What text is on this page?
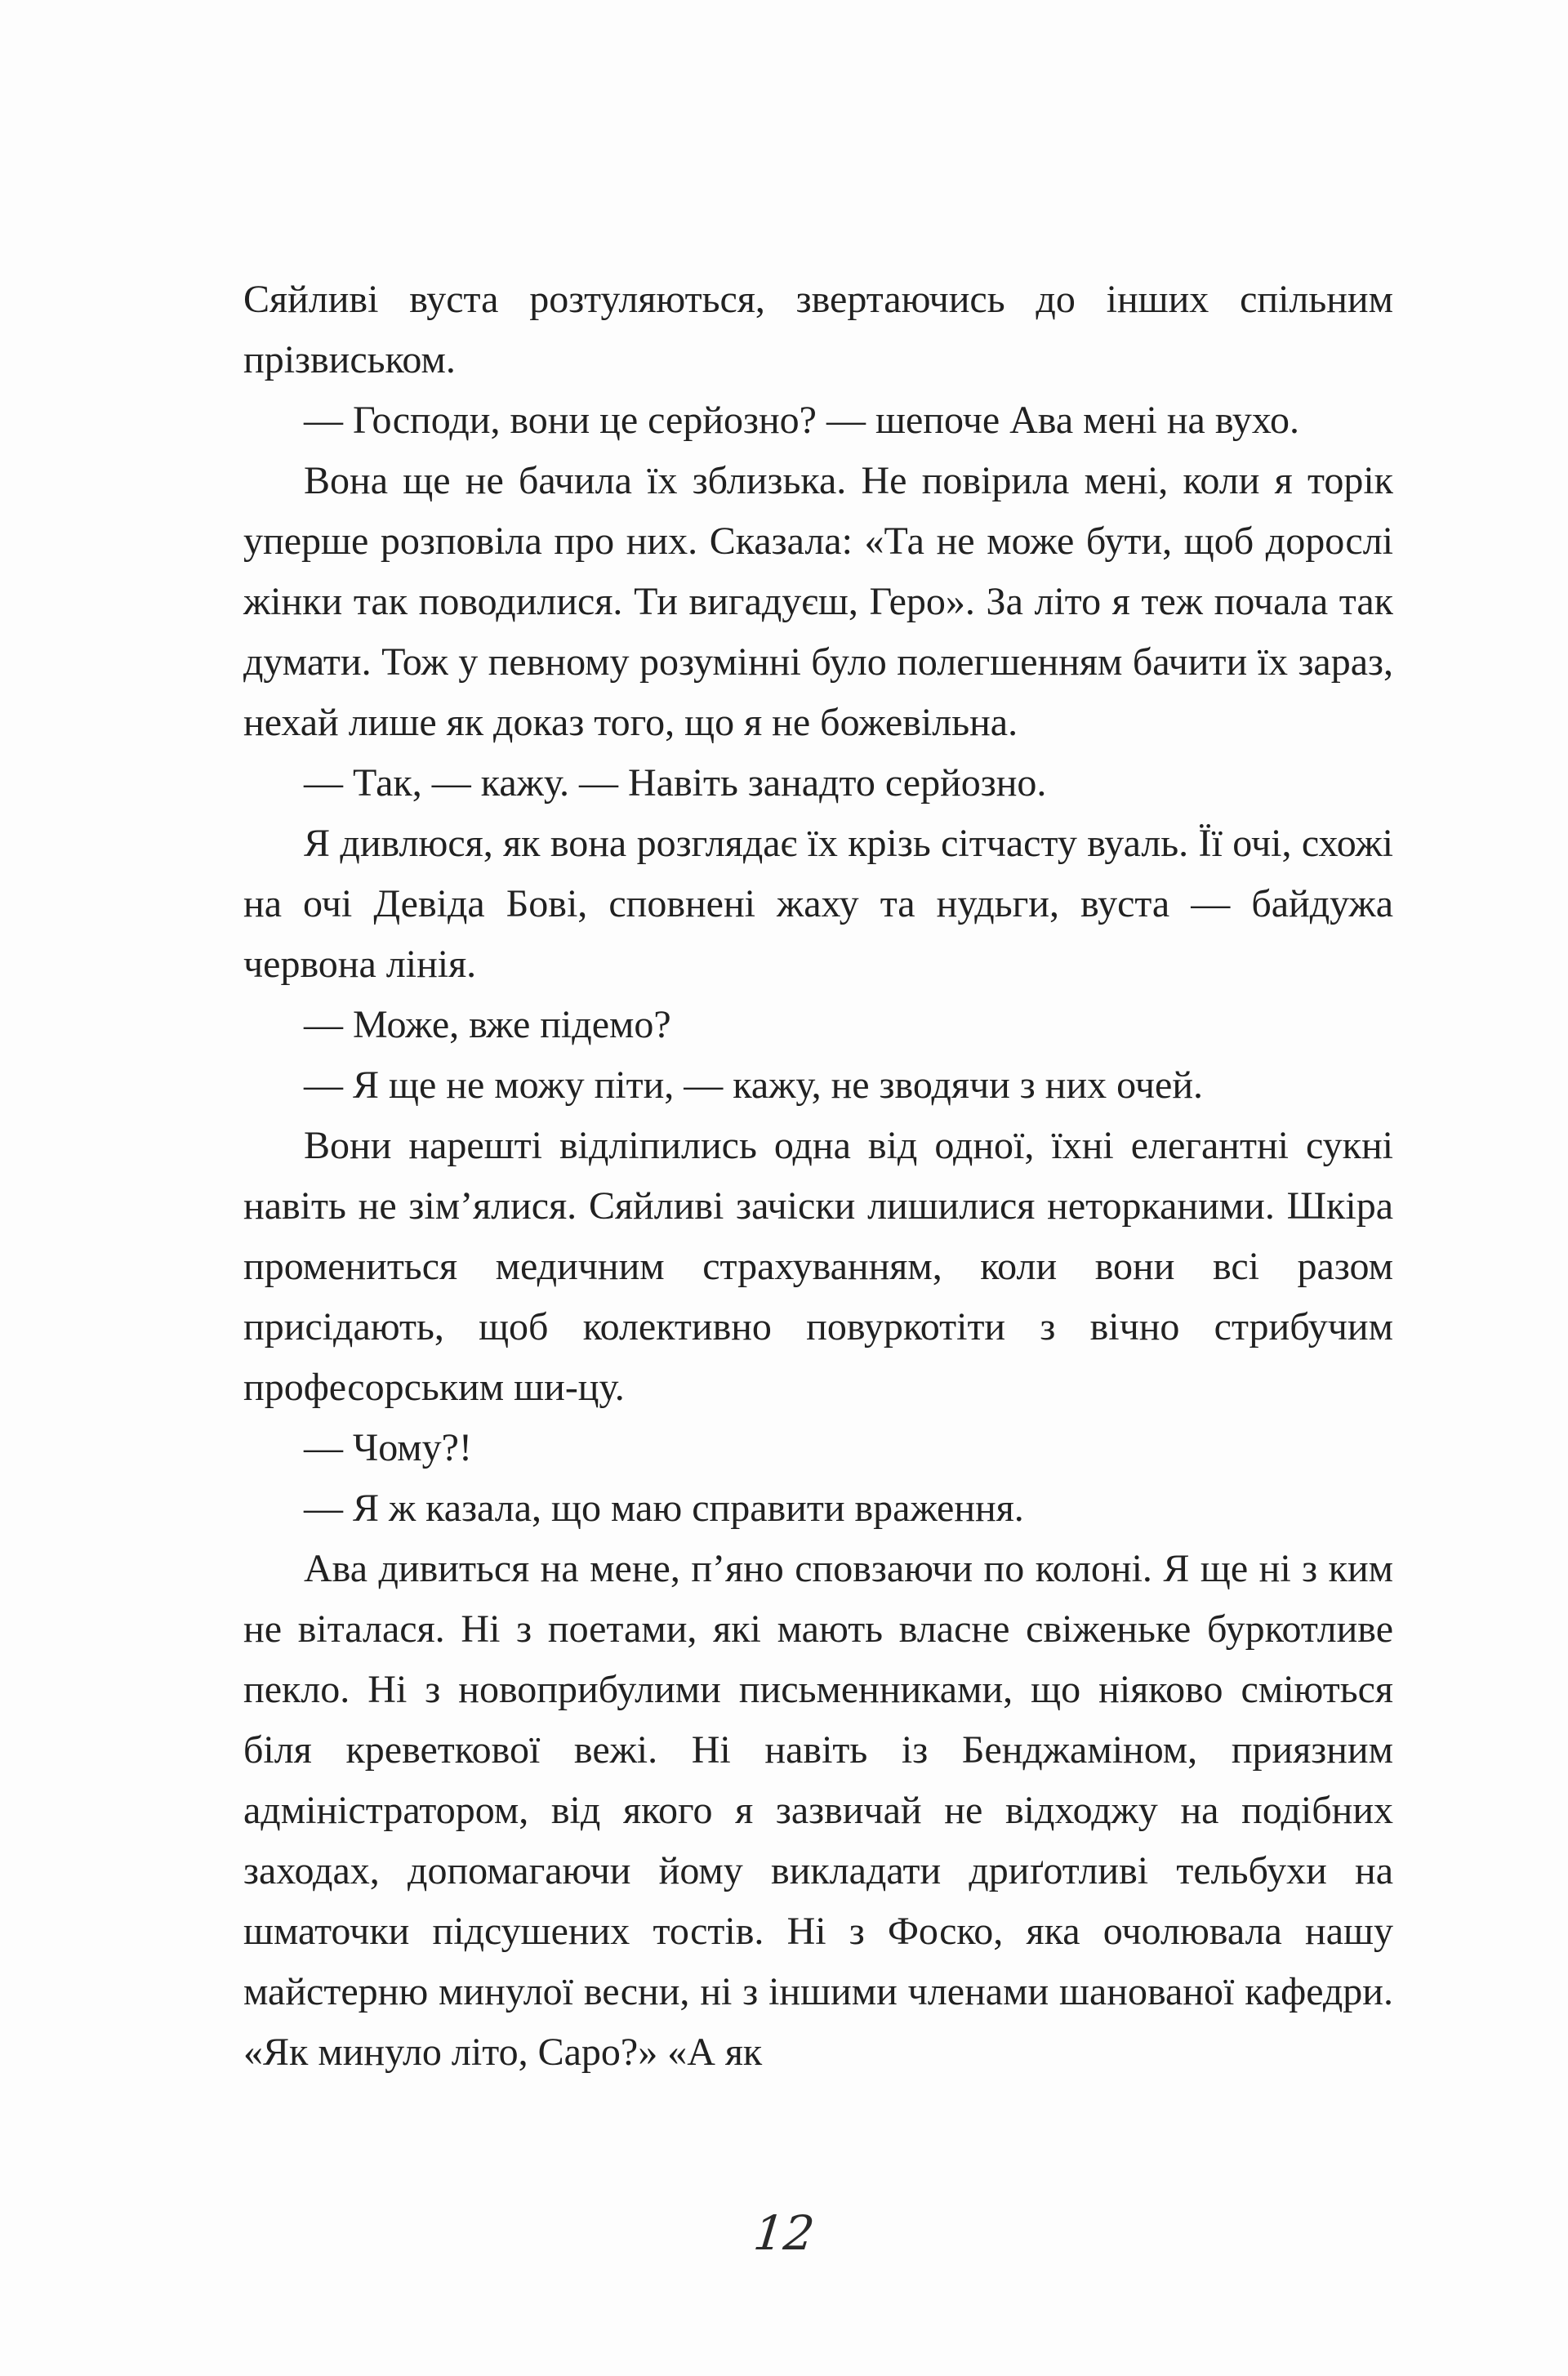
Сяйливі вуста розтуляються, звертаючись до інших спільним прізвиськом.

— Господи, вони це серйозно? — шепоче Ава мені на вухо.

Вона ще не бачила їх зблизька. Не повірила мені, коли я торік уперше розповіла про них. Сказала: «Та не може бути, щоб дорослі жінки так поводилися. Ти вигадуєш, Геро». За літо я теж почала так думати. Тож у певному розумінні було полегшенням бачити їх зараз, нехай лише як доказ того, що я не божевільна.

— Так, — кажу. — Навіть занадто серйозно.

Я дивлюся, як вона розглядає їх крізь сітчасту вуаль. Її очі, схожі на очі Девіда Бові, сповнені жаху та нудьги, вуста — байдужа червона лінія.

— Може, вже підемо?

— Я ще не можу піти, — кажу, не зводячи з них очей.

Вони нарешті відліпились одна від одної, їхні елегантні сукні навіть не зім’ялися. Сяйливі зачіски лишилися неторканими. Шкіра промениться медичним страхуванням, коли вони всі разом присідають, щоб колективно повуркотіти з вічно стрибучим професорським ши-цу.

— Чому?!

— Я ж казала, що маю справити враження.

Ава дивиться на мене, п’яно сповзаючи по колоні. Я ще ні з ким не віталася. Ні з поетами, які мають власне свіженьке буркотливе пекло. Ні з новоприбулими письменниками, що ніяково сміються біля креветкової вежі. Ні навіть із Бенджаміном, приязним адміністратором, від якого я зазвичай не відходжу на подібних заходах, допомагаючи йому викладати дриґотливі тельбухи на шматочки підсушених тостів. Ні з Фоско, яка очолювала нашу майстерню минулої весни, ні з іншими членами шанованої кафедри. «Як минуло літо, Саро?» «А як

12
